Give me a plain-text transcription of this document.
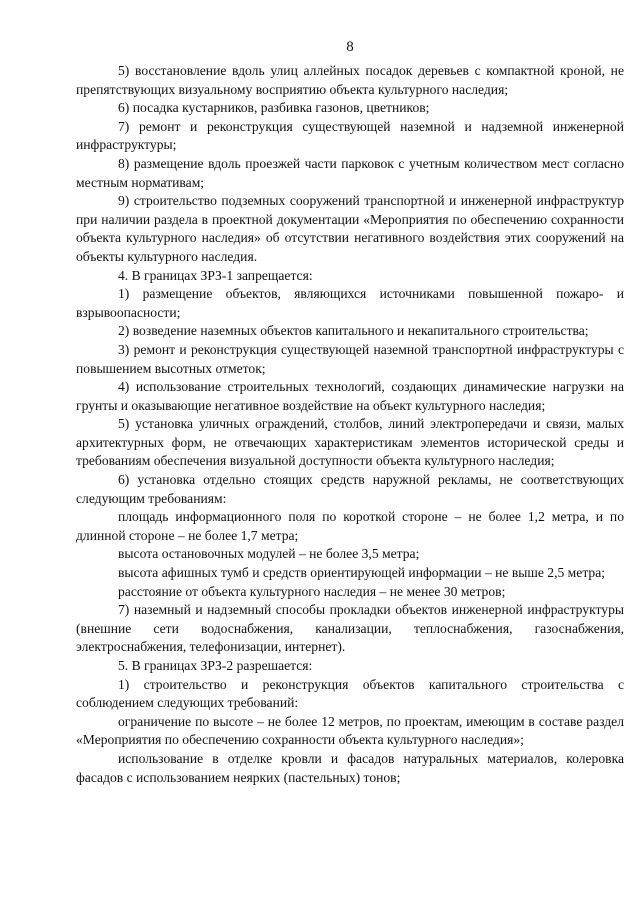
8

5) восстановление вдоль улиц аллейных посадок деревьев с компактной кроной, не препятствующих визуальному восприятию объекта культурного наследия;

6) посадка кустарников, разбивка газонов, цветников;

7) ремонт и реконструкция существующей наземной и надземной инженерной инфраструктуры;

8) размещение вдоль проезжей части парковок с учетным количеством мест согласно местным нормативам;

9) строительство подземных сооружений транспортной и инженерной инфраструктур при наличии раздела в проектной документации «Мероприятия по обеспечению сохранности объекта культурного наследия» об отсутствии негативного воздействия этих сооружений на объекты культурного наследия.

4. В границах ЗРЗ-1 запрещается:

1) размещение объектов, являющихся источниками повышенной пожаро- и взрывоопасности;

2) возведение наземных объектов капитального и некапитального строительства;

3) ремонт и реконструкция существующей наземной транспортной инфраструктуры с повышением высотных отметок;

4) использование строительных технологий, создающих динамические нагрузки на грунты и оказывающие негативное воздействие на объект культурного наследия;

5) установка уличных ограждений, столбов, линий электропередачи и связи, малых архитектурных форм, не отвечающих характеристикам элементов исторической среды и требованиям обеспечения визуальной доступности объекта культурного наследия;

6) установка отдельно стоящих средств наружной рекламы, не соответствующих следующим требованиям:

площадь информационного поля по короткой стороне – не более 1,2 метра, и по длинной стороне – не более 1,7 метра;

высота остановочных модулей – не более 3,5 метра;

высота афишных тумб и средств ориентирующей информации – не выше 2,5 метра;

расстояние от объекта культурного наследия – не менее 30 метров;

7) наземный и надземный способы прокладки объектов инженерной инфраструктуры (внешние сети водоснабжения, канализации, теплоснабжения, газоснабжения, электроснабжения, телефонизации, интернет).

5. В границах ЗРЗ-2 разрешается:

1) строительство и реконструкция объектов капитального строительства с соблюдением следующих требований:

ограничение по высоте – не более 12 метров, по проектам, имеющим в составе раздел «Мероприятия по обеспечению сохранности объекта культурного наследия»;

использование в отделке кровли и фасадов натуральных материалов, колеровка фасадов с использованием неярких (пастельных) тонов;
